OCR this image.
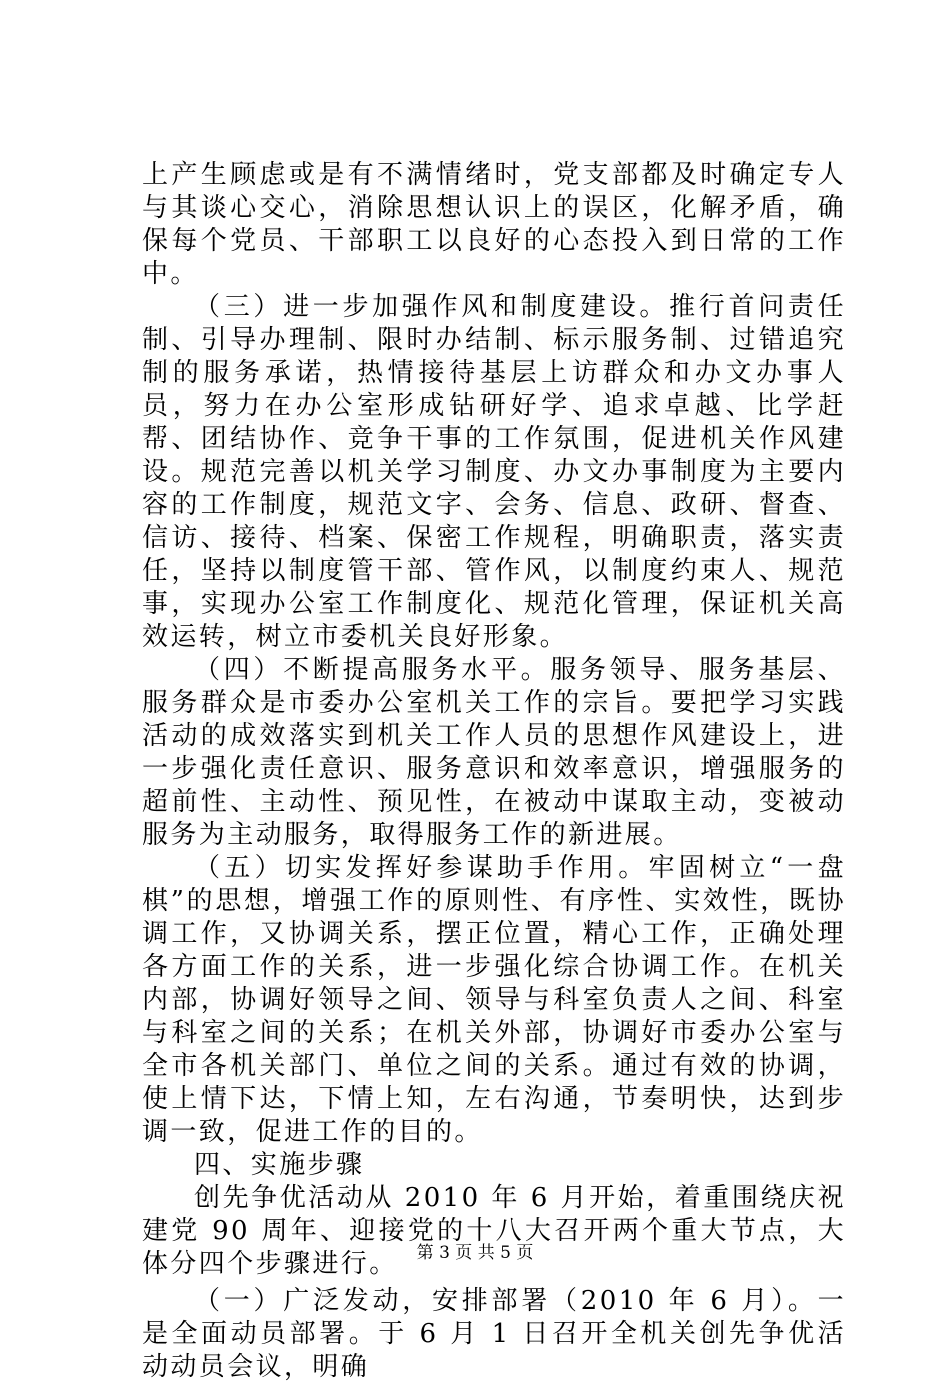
上产生顾虑或是有不满情绪时，党支部都及时确定专人与其谈心交心，消除思想认识上的误区，化解矛盾，确保每个党员、干部职工以良好的心态投入到日常的工作中。

（三）进一步加强作风和制度建设。推行首问责任制、引导办理制、限时办结制、标示服务制、过错追究制的服务承诺，热情接待基层上访群众和办文办事人员，努力在办公室形成钻研好学、追求卓越、比学赶帮、团结协作、竞争干事的工作氛围，促进机关作风建设。规范完善以机关学习制度、办文办事制度为主要内容的工作制度，规范文字、会务、信息、政研、督查、信访、接待、档案、保密工作规程，明确职责，落实责任，坚持以制度管干部、管作风，以制度约束人、规范事，实现办公室工作制度化、规范化管理，保证机关高效运转，树立市委机关良好形象。

（四）不断提高服务水平。服务领导、服务基层、服务群众是市委办公室机关工作的宗旨。要把学习实践活动的成效落实到机关工作人员的思想作风建设上，进一步强化责任意识、服务意识和效率意识，增强服务的超前性、主动性、预见性，在被动中谋取主动，变被动服务为主动服务，取得服务工作的新进展。

（五）切实发挥好参谋助手作用。牢固树立“一盘棋”的思想，增强工作的原则性、有序性、实效性，既协调工作，又协调关系，摆正位置，精心工作，正确处理各方面工作的关系，进一步强化综合协调工作。在机关内部，协调好领导之间、领导与科室负责人之间、科室与科室之间的关系；在机关外部，协调好市委办公室与全市各机关部门、单位之间的关系。通过有效的协调，使上情下达，下情上知，左右沟通，节奏明快，达到步调一致，促进工作的目的。

四、实施步骤

创先争优活动从 2010 年 6 月开始，着重围绕庆祝建党 90 周年、迎接党的十八大召开两个重大节点，大体分四个步骤进行。

（一）广泛发动，安排部署（2010 年 6 月）。一是全面动员部署。于 6 月 1 日召开全机关创先争优活动动员会议，明确

第 3 页 共 5 页
